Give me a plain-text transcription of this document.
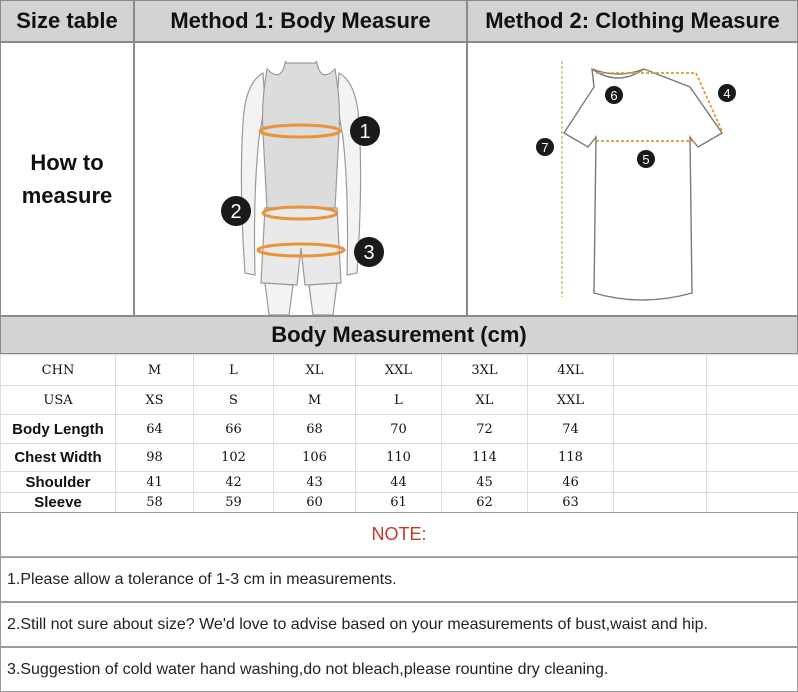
Size table	Method 1: Body Measure	Method 2: Clothing Measure
How to
measure
1
2
3
6	4
7
5
Body Measurement (cm)
CHN	M	L	XL	XXL	3XL	4XL		
USA	XS	S	M	L	XL	XXL		
Body Length	64	66	68	70	72	74		
Chest Width	98	102	106	110	114	118		
Shoulder	41	42	43	44	45	46		
Sleeve	58	59	60	61	62	63		
NOTE:
1.Please allow a tolerance of 1-3 cm in measurements.
2.Still not sure about size? We'd love to advise based on your measurements of bust,waist and hip.
3.Suggestion of cold water hand washing,do not bleach,please rountine dry cleaning.
